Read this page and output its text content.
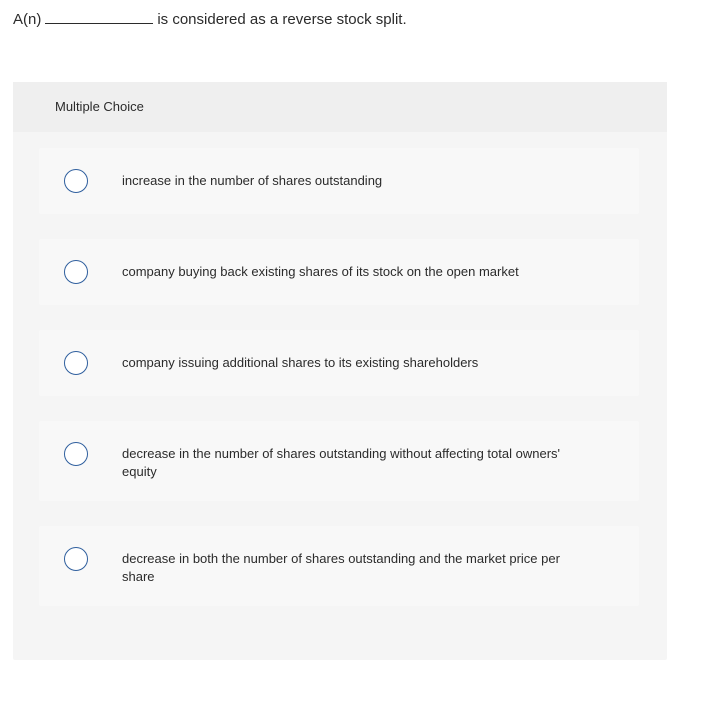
A(n)	is considered as a reverse stock split.
Multiple Choice
increase in the number of shares outstanding
company buying back existing shares of its stock on the open market
company issuing additional shares to its existing shareholders
decrease in the number of shares outstanding without affecting total owners' equity
decrease in both the number of shares outstanding and the market price per share
